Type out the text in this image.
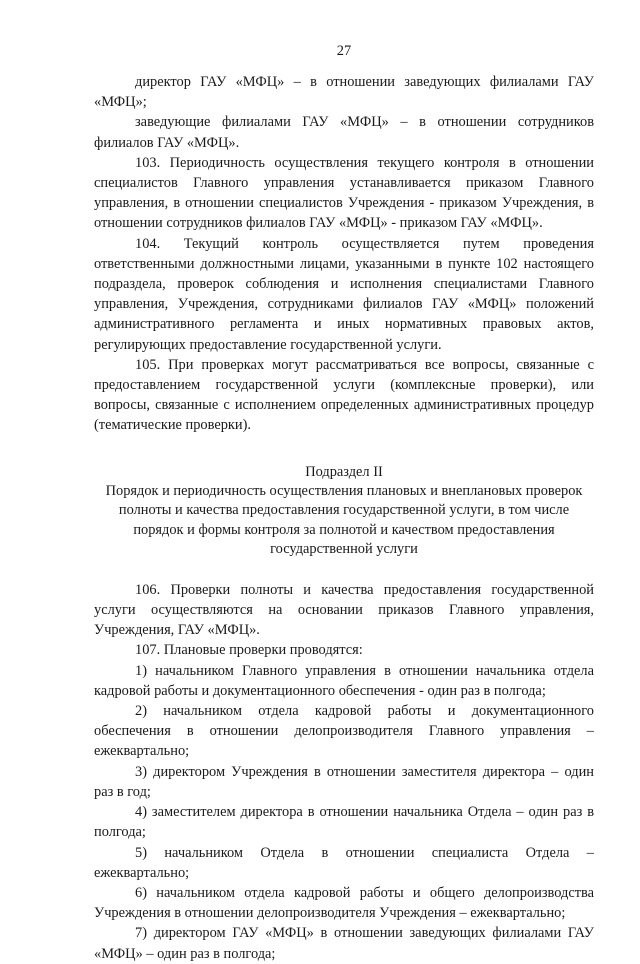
27

директор ГАУ «МФЦ» – в отношении заведующих филиалами ГАУ «МФЦ»;

заведующие филиалами ГАУ «МФЦ» – в отношении сотрудников филиалов ГАУ «МФЦ».

103. Периодичность осуществления текущего контроля в отношении специалистов Главного управления устанавливается приказом Главного управления, в отношении специалистов Учреждения - приказом Учреждения, в отношении сотрудников филиалов ГАУ «МФЦ» - приказом ГАУ «МФЦ».

104. Текущий контроль осуществляется путем проведения ответственными должностными лицами, указанными в пункте 102 настоящего подраздела, проверок соблюдения и исполнения специалистами Главного управления, Учреждения, сотрудниками филиалов ГАУ «МФЦ» положений административного регламента и иных нормативных правовых актов, регулирующих предоставление государственной услуги.

105. При проверках могут рассматриваться все вопросы, связанные с предоставлением государственной услуги (комплексные проверки), или вопросы, связанные с исполнением определенных административных процедур (тематические проверки).

Подраздел II
Порядок и периодичность осуществления плановых и внеплановых проверок полноты и качества предоставления государственной услуги, в том числе порядок и формы контроля за полнотой и качеством предоставления государственной услуги

106. Проверки полноты и качества предоставления государственной услуги осуществляются на основании приказов Главного управления, Учреждения, ГАУ «МФЦ».

107. Плановые проверки проводятся:

1) начальником Главного управления в отношении начальника отдела кадровой работы и документационного обеспечения - один раз в полгода;

2) начальником отдела кадровой работы и документационного обеспечения в отношении делопроизводителя Главного управления – ежеквартально;

3) директором Учреждения в отношении заместителя директора – один раз в год;

4) заместителем директора в отношении начальника Отдела – один раз в полгода;

5) начальником Отдела в отношении специалиста Отдела – ежеквартально;

6) начальником отдела кадровой работы и общего делопроизводства Учреждения в отношении делопроизводителя Учреждения – ежеквартально;

7) директором ГАУ «МФЦ» в отношении заведующих филиалами ГАУ «МФЦ» – один раз в полгода;
